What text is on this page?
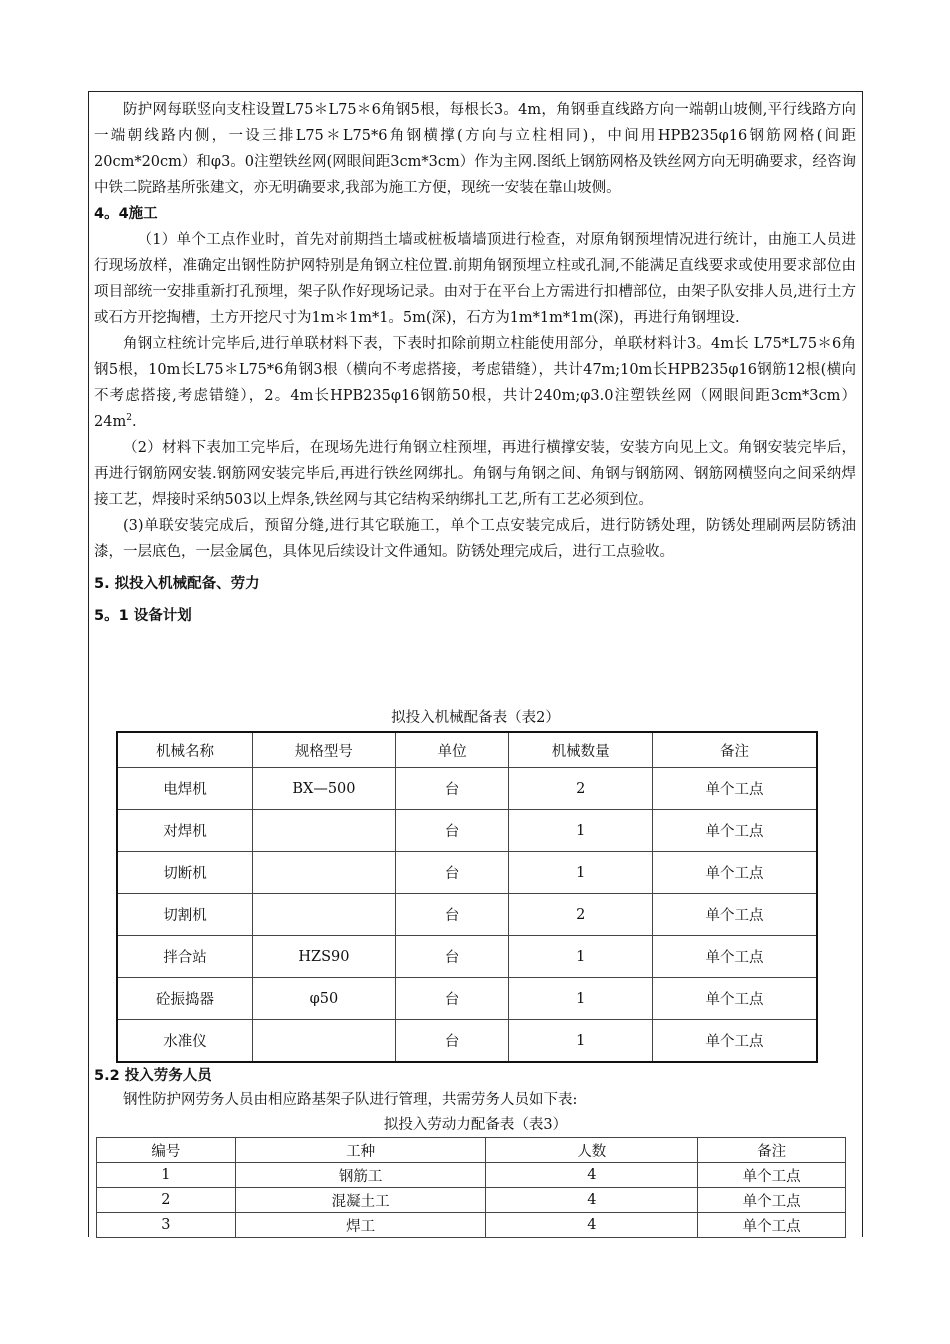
防护网每联竖向支柱设置L75＊L75＊6角钢5根，每根长3。4m，角钢垂直线路方向一端朝山坡侧,平行线路方向一端朝线路内侧，一设三排L75＊L75*6角钢横撑(方向与立柱相同)，中间用HPB235φ16钢筋网格(间距20cm*20cm）和φ3。0注塑铁丝网(网眼间距3cm*3cm）作为主网.图纸上钢筋网格及铁丝网方向无明确要求，经咨询中铁二院路基所张建文，亦无明确要求,我部为施工方便，现统一安装在靠山坡侧。

4。4施工

（1）单个工点作业时，首先对前期挡土墙或桩板墙墙顶进行检查，对原角钢预埋情况进行统计，由施工人员进行现场放样，准确定出钢性防护网特别是角钢立柱位置.前期角钢预埋立柱或孔洞,不能满足直线要求或使用要求部位由项目部统一安排重新打孔预埋，架子队作好现场记录。由对于在平台上方需进行扣槽部位，由架子队安排人员,进行土方或石方开挖掏槽，土方开挖尺寸为1m＊1m*1。5m(深)，石方为1m*1m*1m(深)，再进行角钢埋设.

角钢立柱统计完毕后,进行单联材料下表，下表时扣除前期立柱能使用部分，单联材料计3。4m长 L75*L75＊6角钢5根，10m长L75＊L75*6角钢3根（横向不考虑搭接，考虑错缝），共计47m;10m长HPB235φ16钢筋12根(横向不考虑搭接,考虑错缝），2。4m长HPB235φ16钢筋50根，共计240m;φ3.0注塑铁丝网（网眼间距$3cm*3cm)24m^2$.

（2）材料下表加工完毕后，在现场先进行角钢立柱预埋，再进行横撑安装，安装方向见上文。角钢安装完毕后，再进行钢筋网安装.钢筋网安装完毕后,再进行铁丝网绑扎。角钢与角钢之间、角钢与钢筋网、钢筋网横竖向之间采纳焊接工艺，焊接时采纳503以上焊条,铁丝网与其它结构采纳绑扎工艺,所有工艺必须到位。

(3)单联安装完成后，预留分缝,进行其它联施工，单个工点安装完成后，进行防锈处理，防锈处理刷两层防锈油漆，一层底色，一层金属色，具体见后续设计文件通知。防锈处理完成后，进行工点验收。

5. 拟投入机械配备、劳力

5。1 设备计划

拟投入机械配备表（表2）
机械名称	规格型号	单位	机械数量	备注
电焊机	BX—500	台	2	单个工点
对焊机		台	1	单个工点
切断机		台	1	单个工点
切割机		台	2	单个工点
拌合站	HZS90	台	1	单个工点
砼振捣器	φ50	台	1	单个工点
水准仪		台	1	单个工点

5.2 投入劳务人员

钢性防护网劳务人员由相应路基架子队进行管理，共需劳务人员如下表:

拟投入劳动力配备表（表3）
编号	工种	人数	备注
1	钢筋工	4	单个工点
2	混凝土工	4	单个工点
3	焊工	4	单个工点
